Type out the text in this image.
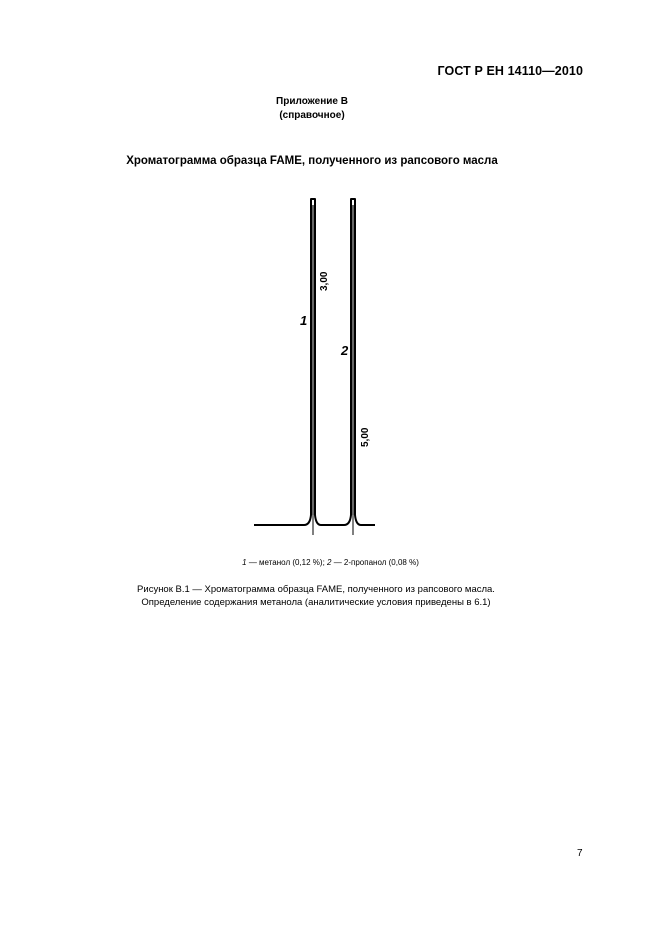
ГОСТ Р ЕН 14110—2010
Приложение В
(справочное)
Хроматограмма образца FAME, полученного из рапсового масла
1
2
3,00
5,00
1 — метанол (0,12 %); 2 — 2-пропанол (0,08 %)
Рисунок В.1 — Хроматограмма образца FAME, полученного из рапсового масла.
Определение содержания метанола (аналитические условия приведены в 6.1)
7
